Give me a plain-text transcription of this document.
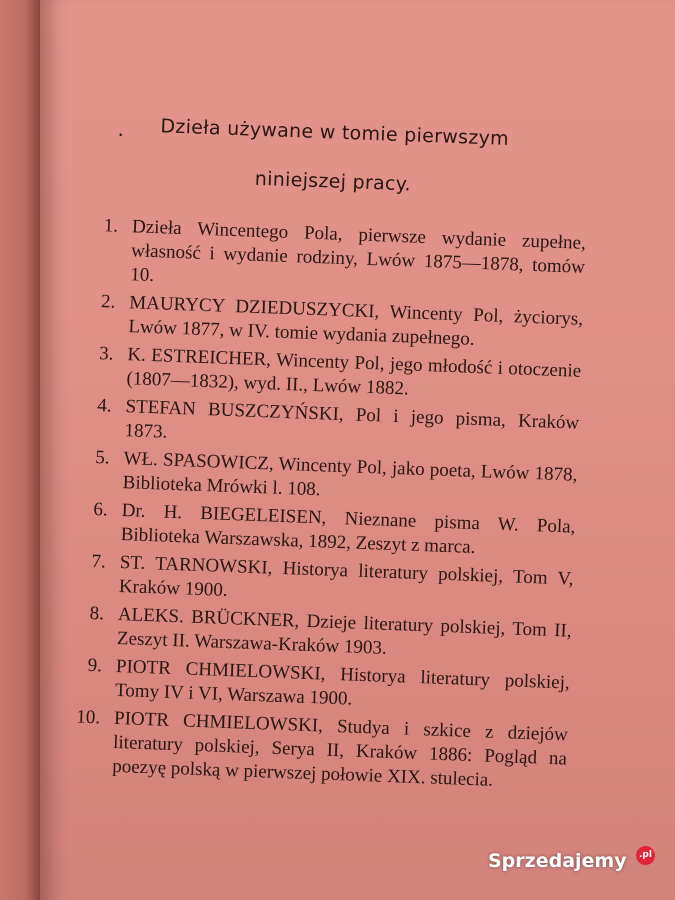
·	Dzieła używane w tomie pierwszym
niniejszej pracy.
1. Dzieła Wincentego Pola, pierwsze wydanie zupełne, własność i wydanie rodziny, Lwów 1875—1878, tomów 10.
2. MAURYCY DZIEDUSZYCKI, Wincenty Pol, życiorys, Lwów 1877, w IV. tomie wydania zupełnego.
3. K. ESTREICHER, Wincenty Pol, jego młodość i otoczenie (1807—1832), wyd. II., Lwów 1882.
4. STEFAN BUSZCZYŃSKI, Pol i jego pisma, Kraków 1873.
5. WŁ. SPASOWICZ, Wincenty Pol, jako poeta, Lwów 1878, Biblioteka Mrówki l. 108.
6. Dr. H. BIEGELEISEN, Nieznane pisma W. Pola, Biblioteka Warszawska, 1892, Zeszyt z marca.
7. ST. TARNOWSKI, Historya literatury polskiej, Tom V, Kraków 1900.
8. ALEKS. BRÜCKNER, Dzieje literatury polskiej, Tom II, Zeszyt II. Warszawa-Kraków 1903.
9. PIOTR CHMIELOWSKI, Historya literatury polskiej, Tomy IV i VI, Warszawa 1900.
10. PIOTR CHMIELOWSKI, Studya i szkice z dziejów literatury polskiej, Serya II, Kraków 1886: Pogląd na poezyę polską w pierwszej połowie XIX. stulecia.
Sprzedajemy	.pl
